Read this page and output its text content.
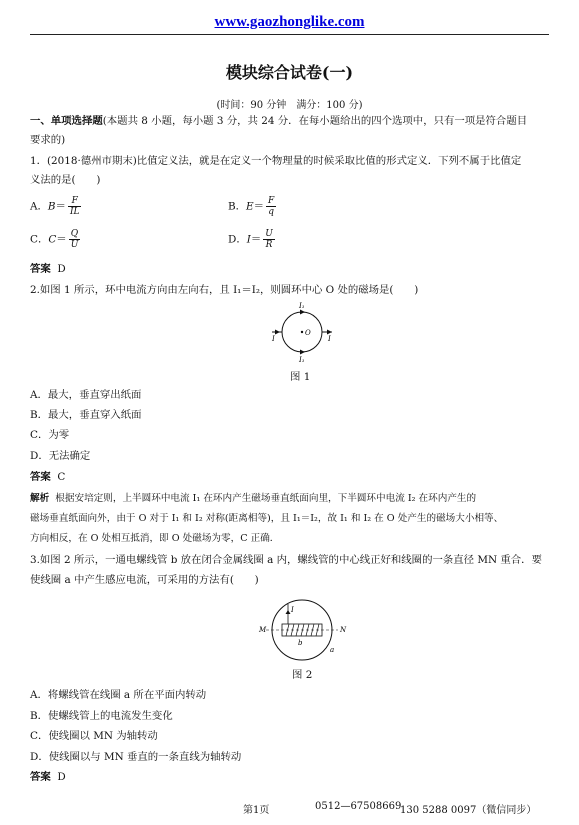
www.gaozhonglike.com
模块综合试卷(一)
(时间：90 分钟 满分：100 分)
一、单项选择题(本题共 8 小题，每小题 3 分，共 24 分．在每小题给出的四个选项中，只有一项是符合题目
要求的)
1．(2018·德州市期末)比值定义法，就是在定义一个物理量的时候采取比值的形式定义．下列不属于比值定
义法的是(　　)
A．$B= \frac{F}{IL}$	B．$E= \frac{F}{q}$
C．$C= \frac{Q}{U}$	D．$I= \frac{U}{R}$
答案 D
2.如图 1 所示，环中电流方向由左向右，且 I₁＝I₂，则圆环中心 O 处的磁场是(　　)
I₁
I₁
I	I
O
图 1
A．最大，垂直穿出纸面
B．最大，垂直穿入纸面
C．为零
D．无法确定
答案 C
解析 根据安培定则，上半圆环中电流 I₁ 在环内产生磁场垂直纸面向里，下半圆环中电流 I₂ 在环内产生的
磁场垂直纸面向外，由于 O 对于 I₁ 和 I₂ 对称(距离相等)，且 I₁＝I₂，故 I₁ 和 I₂ 在 O 处产生的磁场大小相等、
方向相反，在 O 处相互抵消，即 O 处磁场为零，C 正确．
3.如图 2 所示，一通电螺线管 b 放在闭合金属线圈 a 内，螺线管的中心线正好和线圈的一条直径 MN 重合．要
使线圈 a 中产生感应电流，可采用的方法有(　　)
I
M	N
b
a
图 2
A．将螺线管在线圈 a 所在平面内转动
B．使螺线管上的电流发生变化
C．使线圈以 MN 为轴转动
D．使线圈以与 MN 垂直的一条直线为轴转动
答案 D
第1页	0512—67508669
130 5288 0097（微信同步）
